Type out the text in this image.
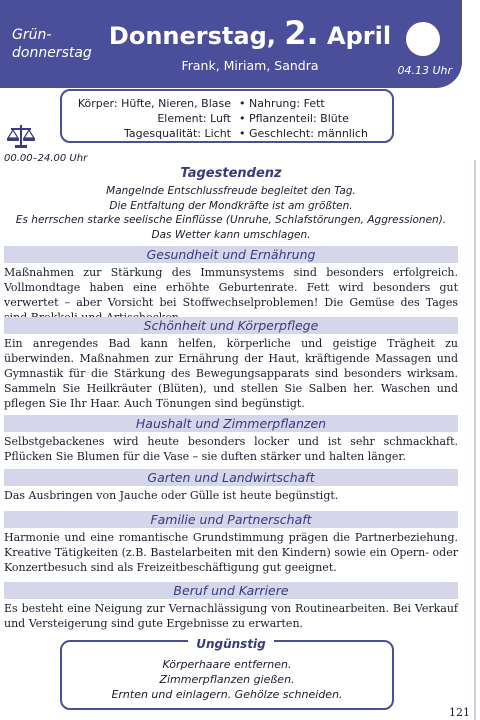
Grün-donnerstag
Donnerstag, 2. April
Frank, Miriam, Sandra	04.13 Uhr
Körper: Hüfte, Nieren, Blase
Element: Luft
Tagesqualität: Licht
• Nahrung: Fett
• Pflanzenteil: Blüte
• Geschlecht: männlich
00.00–24.00 Uhr
Tagestendenz
Mangelnde Entschlussfreude begleitet den Tag.
Die Entfaltung der Mondkräfte ist am größten.
Es herrschen starke seelische Einflüsse (Unruhe, Schlafstörungen, Aggressionen).
Das Wetter kann umschlagen.
Gesundheit und Ernährung
Maßnahmen zur Stärkung des Immunsystems sind besonders erfolgreich. Vollmondtage haben eine erhöhte Geburtenrate. Fett wird besonders gut verwertet – aber Vorsicht bei Stoffwechselproblemen! Die Gemüse des Tages
Schönheit und Körperpflege
Ein anregendes Bad kann helfen, körperliche und geistige Trägheit zu überwinden. Maßnahmen zur Ernährung der Haut, kräftigende Massagen und Gymnastik für die Stärkung des Bewegungsapparats sind besonders wirksam. Sammeln Sie Heilkräuter (Blüten), und stellen Sie Salben her. Waschen und pflegen Sie Ihr Haar. Auch Tönungen sind begünstigt.
Haushalt und Zimmerpflanzen
Selbstgebackenes wird heute besonders locker und ist sehr schmackhaft. Pflücken Sie Blumen für die Vase – sie duften stärker und halten länger.
Garten und Landwirtschaft
Das Ausbringen von Jauche oder Gülle ist heute begünstigt.
Familie und Partnerschaft
Harmonie und eine romantische Grundstimmung prägen die Partnerbeziehung. Kreative Tätigkeiten (z.B. Bastelarbeiten mit den Kindern) sowie ein Opern- oder Konzertbesuch sind als Freizeitbeschäftigung gut geeignet.
Beruf und Karriere
Es besteht eine Neigung zur Vernachlässigung von Routinearbeiten. Bei Verkauf und Versteigerung sind gute Ergebnisse zu erwarten.
Ungünstig
Körperhaare entfernen.
Zimmerpflanzen gießen.
Ernten und einlagern. Gehölze schneiden.
121
